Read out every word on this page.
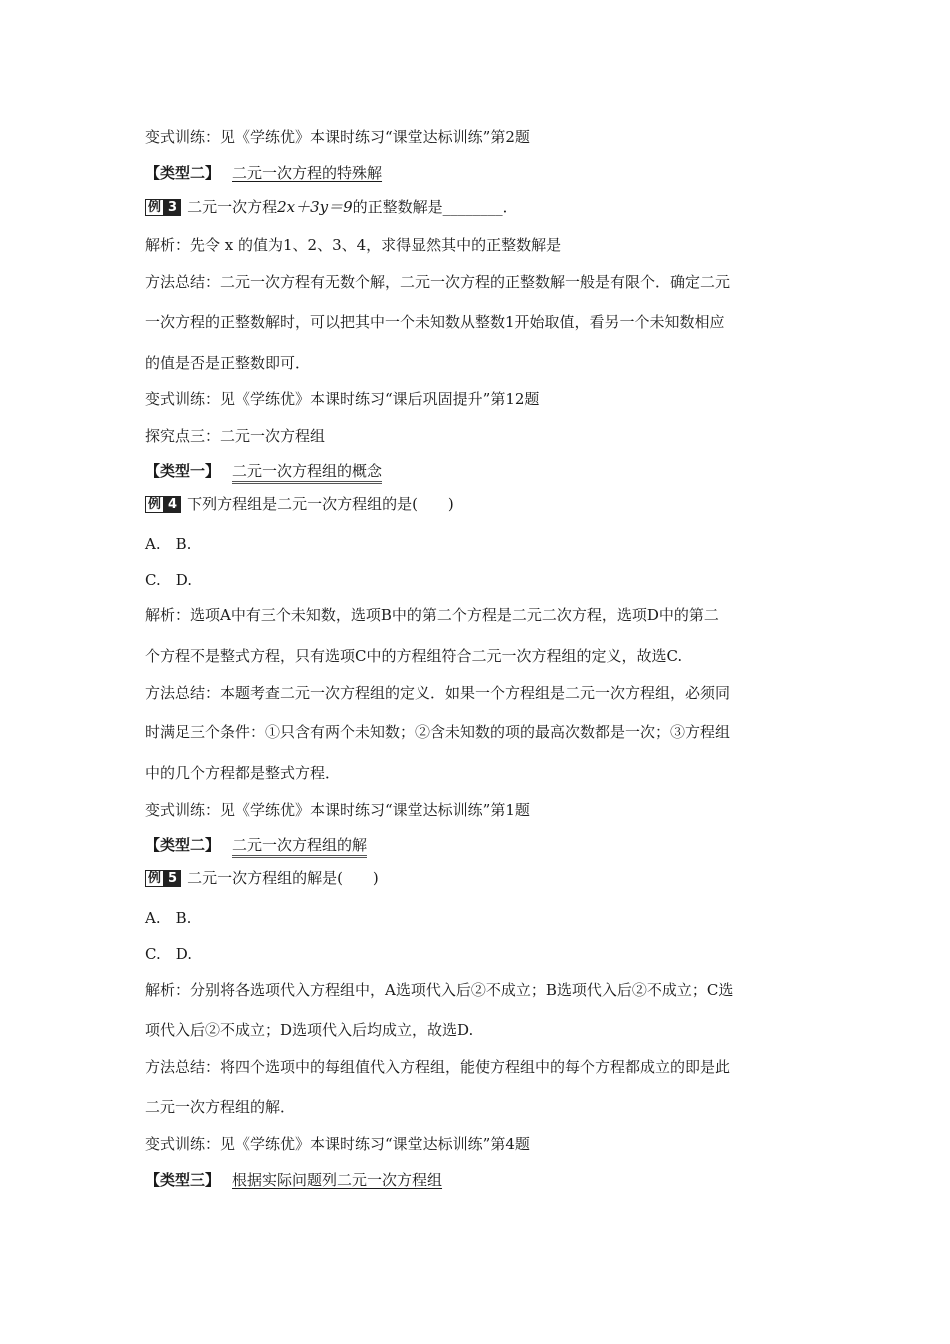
变式训练：见《学练优》本课时练习“课堂达标训练”第2题
【类型二】 二元一次方程的特殊解
例 3 二元一次方程2x＋3y＝9的正整数解是________．
解析：先令 x 的值为1、2、3、4，求得显然其中的正整数解是
方法总结：二元一次方程有无数个解，二元一次方程的正整数解一般是有限个．确定二元
一次方程的正整数解时，可以把其中一个未知数从整数1开始取值，看另一个未知数相应
的值是否是正整数即可．
变式训练：见《学练优》本课时练习“课后巩固提升”第12题
探究点三：二元一次方程组
【类型一】 二元一次方程组的概念
例 4 下列方程组是二元一次方程组的是(　　)
A.　B.
C.　D.
解析：选项A中有三个未知数，选项B中的第二个方程是二元二次方程，选项D中的第二
个方程不是整式方程，只有选项C中的方程组符合二元一次方程组的定义，故选C.
方法总结：本题考查二元一次方程组的定义．如果一个方程组是二元一次方程组，必须同
时满足三个条件：①只含有两个未知数；②含未知数的项的最高次数都是一次；③方程组
中的几个方程都是整式方程．
变式训练：见《学练优》本课时练习“课堂达标训练”第1题
【类型二】 二元一次方程组的解
例 5 二元一次方程组的解是(　　)
A.　B.
C.　D.
解析：分别将各选项代入方程组中，A选项代入后②不成立；B选项代入后②不成立；C选
项代入后②不成立；D选项代入后均成立，故选D.
方法总结：将四个选项中的每组值代入方程组，能使方程组中的每个方程都成立的即是此
二元一次方程组的解．
变式训练：见《学练优》本课时练习“课堂达标训练”第4题
【类型三】 根据实际问题列二元一次方程组
